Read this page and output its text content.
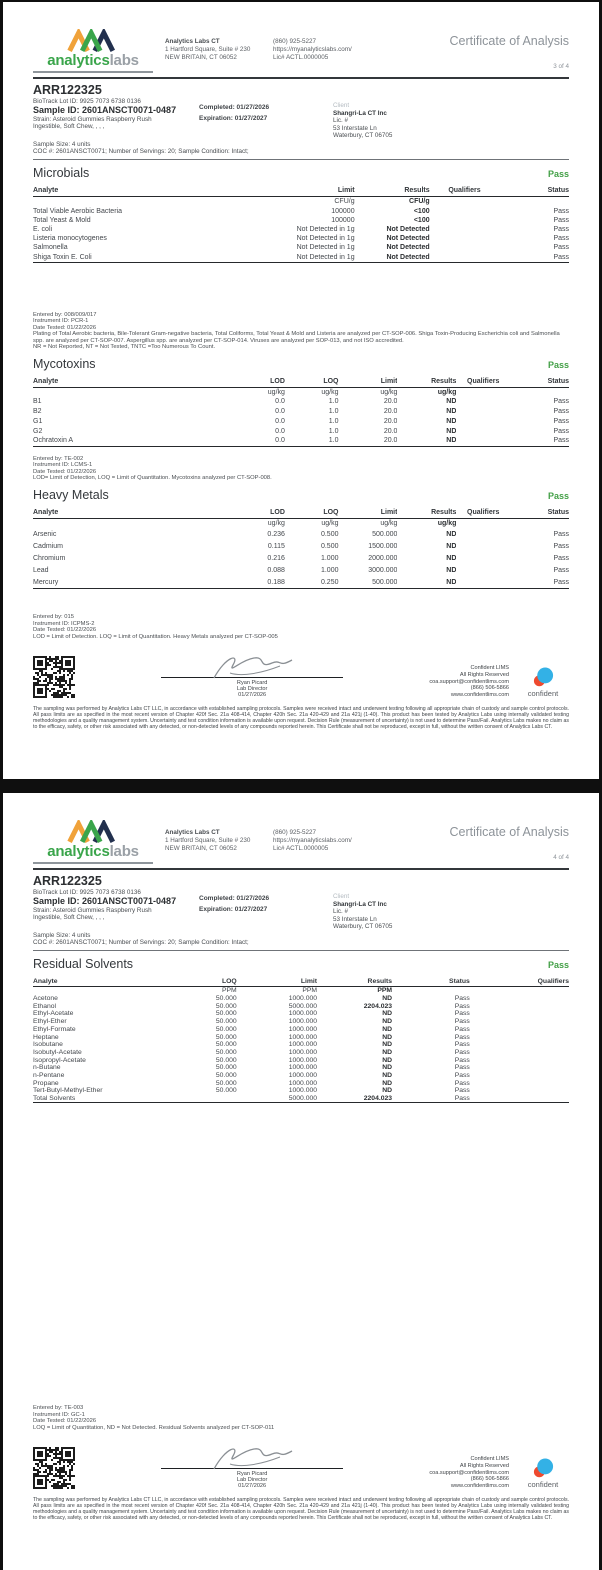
analyticslabs
Analytics Labs CT
1 Hartford Square, Suite # 230
NEW BRITAIN, CT 06052
(860) 925-5227
https://myanalyticslabs.com/
Lic# ACTL.0000005
Certificate of Analysis
3 of 4
ARR122325
BioTrack Lot ID: 9925 7073 6738 0136
Sample ID: 2601ANSCT0071-0487
Strain: Asteroid Gummies Raspberry Rush
Ingestible, Soft Chew, , , ,
Sample Size: 4 units
COC #: 2601ANSCT0071; Number of Servings: 20; Sample Condition: Intact;
Completed: 01/27/2026
Expiration: 01/27/2027
Client
Shangri-La CT Inc
Lic. #
53 Interstate Ln
Waterbury, CT 06705
Microbials	Pass
Analyte	Limit	Results	Qualifiers	Status
	CFU/g	CFU/g		
Total Viable Aerobic Bacteria	100000	<100		Pass
Total Yeast & Mold	100000	<100		Pass
E. coli	Not Detected in 1g	Not Detected		Pass
Listeria monocytogenes	Not Detected in 1g	Not Detected		Pass
Salmonella	Not Detected in 1g	Not Detected		Pass
Shiga Toxin E. Coli	Not Detected in 1g	Not Detected		Pass
Entered by: 008/009/017
Instrument ID: PCR-1
Date Tested: 01/22/2026
Plating of Total Aerobic bacteria, Bile-Tolerant Gram-negative bacteria, Total Coliforms, Total Yeast & Mold and Listeria are analyzed per CT-SOP-006. Shiga Toxin-Producing Escherichia coli and Salmonella spp. are analyzed per CT-SOP-007. Aspergillus spp. are analyzed per CT-SOP-014. Viruses are analyzed per SOP-013, and not ISO accredited.
NR = Not Reported, NT = Not Tested, TNTC =Too Numerous To Count.
Mycotoxins	Pass
Analyte	LOD	LOQ	Limit	Results	Qualifiers	Status
	ug/kg	ug/kg	ug/kg	ug/kg		
B1	0.0	1.0	20.0	ND		Pass
B2	0.0	1.0	20.0	ND		Pass
G1	0.0	1.0	20.0	ND		Pass
G2	0.0	1.0	20.0	ND		Pass
Ochratoxin A	0.0	1.0	20.0	ND		Pass
Entered by: TE-002
Instrument ID: LCMS-1
Date Tested: 01/22/2026
LOD= Limit of Detection, LOQ = Limit of Quantitation. Mycotoxins analyzed per CT-SOP-008.
Heavy Metals	Pass
Analyte	LOD	LOQ	Limit	Results	Qualifiers	Status
	ug/kg	ug/kg	ug/kg	ug/kg		
Arsenic	0.236	0.500	500.000	ND		Pass
Cadmium	0.115	0.500	1500.000	ND		Pass
Chromium	0.216	1.000	2000.000	ND		Pass
Lead	0.088	1.000	3000.000	ND		Pass
Mercury	0.188	0.250	500.000	ND		Pass
Entered by: 015
Instrument ID: ICPMS-2
Date Tested: 01/22/2026
LOD = Limit of Detection. LOQ = Limit of Quantitation. Heavy Metals analyzed per CT-SOP-005
Ryan Picard
Lab Director
01/27/2026
Confident LIMS
All Rights Reserved
coa.support@confidentlims.com
(866) 506-5866
www.confidentlims.com	confident

The sampling was performed by Analytics Labs CT LLC, in accordance with established sampling protocols. Samples were received intact and underwent testing following all appropriate chain of custody and sample control protocols. All pass limits are as specified in the most recent version of Chapter 420f Sec. 21a 408-414, Chapter 420h Sec. 21a 420-429 and 21a 421j (1-40). This product has been tested by Analytics Labs using internally validated testing methodologies and a quality management system. Uncertainty and test condition information is available upon request. Decision Rule (measurement of uncertainty) is not used to determine Pass/Fail. Analytics Labs makes no claim as to the efficacy, safety, or other risk associated with any detected, or non-detected levels of any compounds reported herein. This Certificate shall not be reproduced, except in full, without the written consent of Analytics Labs CT.

analyticslabs
Analytics Labs CT
1 Hartford Square, Suite # 230
NEW BRITAIN, CT 06052
(860) 925-5227
https://myanalyticslabs.com/
Lic# ACTL.0000005
Certificate of Analysis
4 of 4
ARR122325
BioTrack Lot ID: 9925 7073 6738 0136
Sample ID: 2601ANSCT0071-0487
Strain: Asteroid Gummies Raspberry Rush
Ingestible, Soft Chew, , , ,
Sample Size: 4 units
COC #: 2601ANSCT0071; Number of Servings: 20; Sample Condition: Intact;
Completed: 01/27/2026
Expiration: 01/27/2027
Client
Shangri-La CT Inc
Lic. #
53 Interstate Ln
Waterbury, CT 06705
Residual Solvents	Pass
Analyte	LOQ	Limit	Results	Status	Qualifiers
	PPM	PPM	PPM		
Acetone	50.000	1000.000	ND	Pass	
Ethanol	50.000	5000.000	2204.023	Pass	
Ethyl-Acetate	50.000	1000.000	ND	Pass	
Ethyl-Ether	50.000	1000.000	ND	Pass	
Ethyl-Formate	50.000	1000.000	ND	Pass	
Heptane	50.000	1000.000	ND	Pass	
Isobutane	50.000	1000.000	ND	Pass	
Isobutyl-Acetate	50.000	1000.000	ND	Pass	
Isopropyl-Acetate	50.000	1000.000	ND	Pass	
n-Butane	50.000	1000.000	ND	Pass	
n-Pentane	50.000	1000.000	ND	Pass	
Propane	50.000	1000.000	ND	Pass	
Tert-Butyl-Methyl-Ether	50.000	1000.000	ND	Pass	
Total Solvents		5000.000	2204.023	Pass	
Entered by: TE-003
Instrument ID: GC-1
Date Tested: 01/22/2026
LOQ = Limit of Quantitation, ND = Not Detected. Residual Solvents analyzed per CT-SOP-011
Ryan Picard
Lab Director
01/27/2026
Confident LIMS
All Rights Reserved
coa.support@confidentlims.com
(866) 506-5866
www.confidentlims.com	confident

The sampling was performed by Analytics Labs CT LLC, in accordance with established sampling protocols. Samples were received intact and underwent testing following all appropriate chain of custody and sample control protocols. All pass limits are as specified in the most recent version of Chapter 420f Sec. 21a 408-414, Chapter 420h Sec. 21a 420-429 and 21a 421j (1-40). This product has been tested by Analytics Labs using internally validated testing methodologies and a quality management system. Uncertainty and test condition information is available upon request. Decision Rule (measurement of uncertainty) is not used to determine Pass/Fail. Analytics Labs makes no claim as to the efficacy, safety, or other risk associated with any detected, or non-detected levels of any compounds reported herein. This Certificate shall not be reproduced, except in full, without the written consent of Analytics Labs CT.
